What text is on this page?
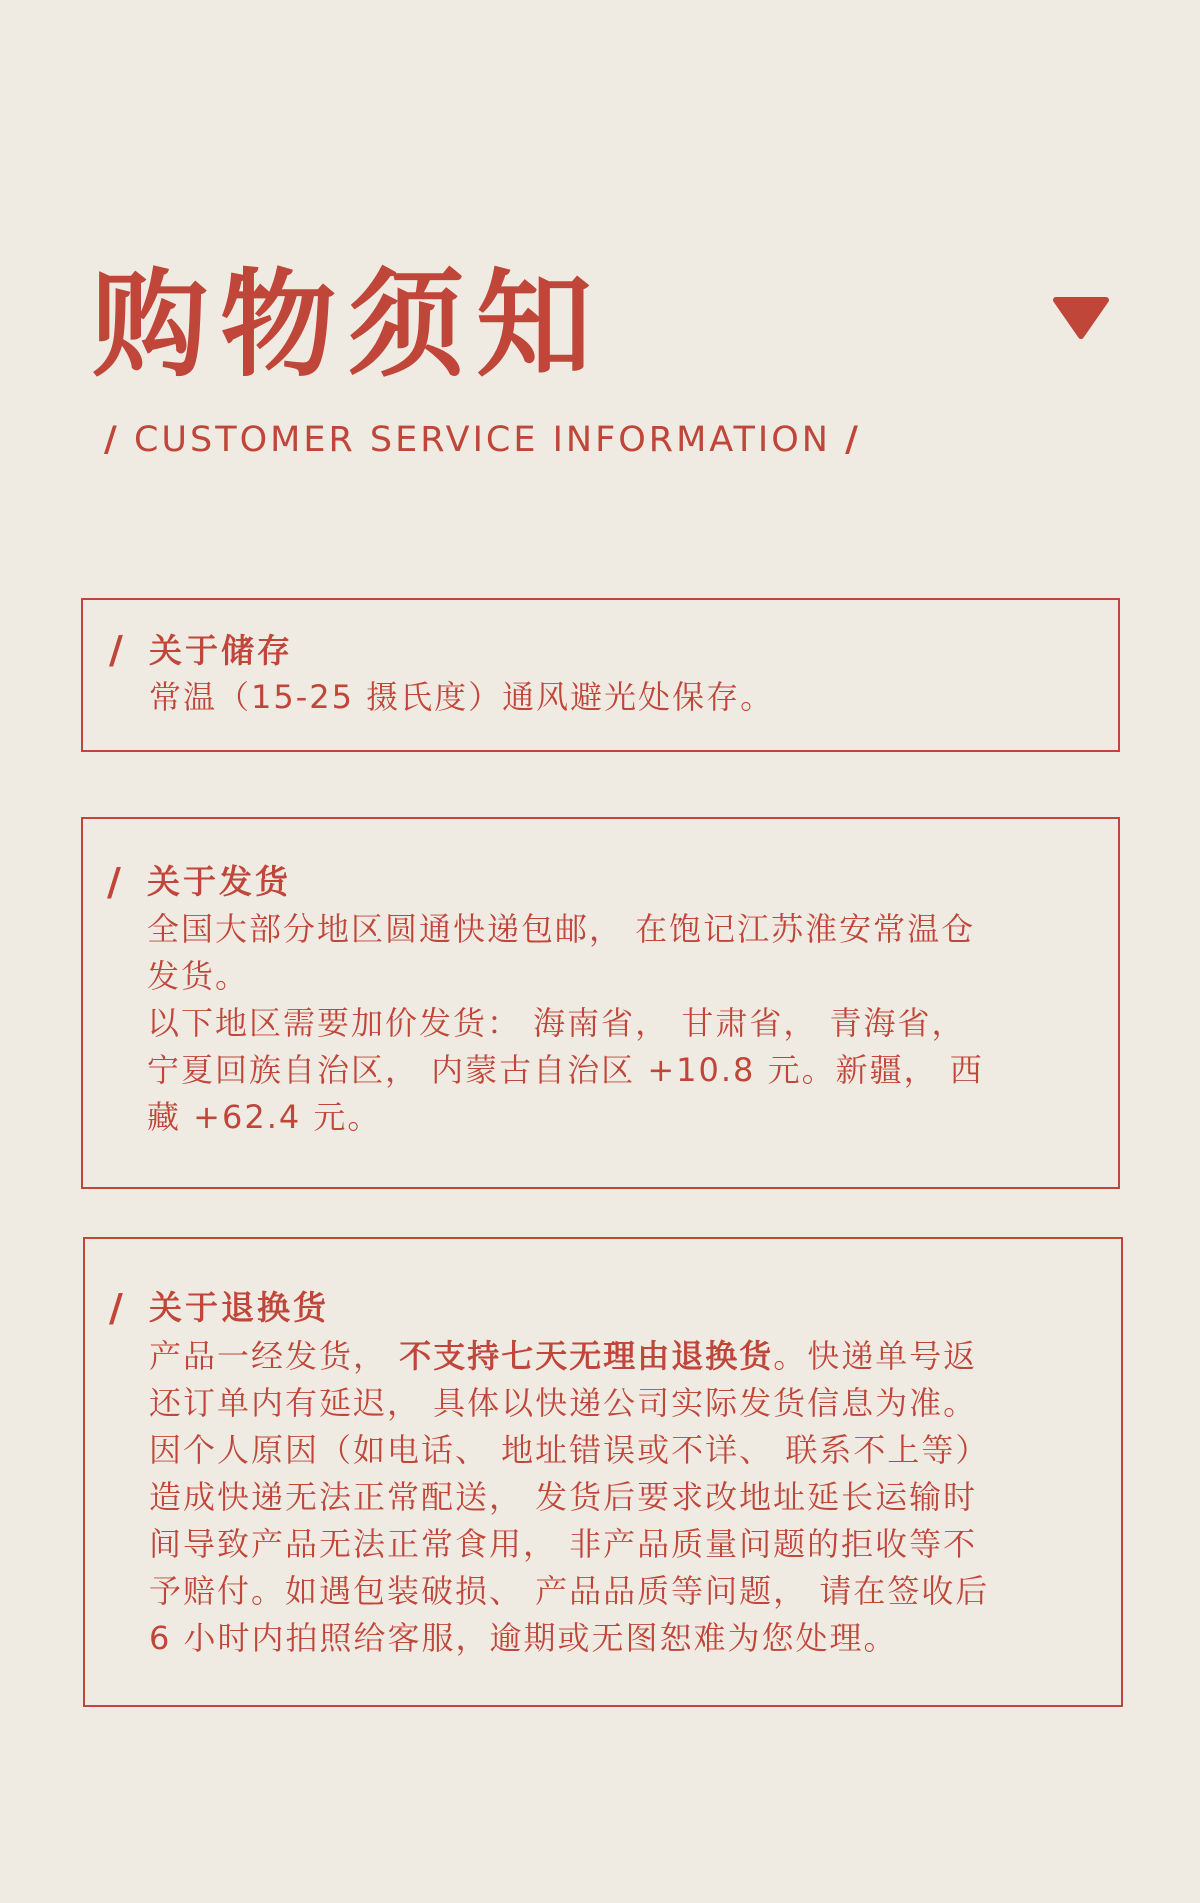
购物须知
/ CUSTOMER SERVICE INFORMATION /
/ 关于储存

常温（15-25 摄氏度）通风避光处保存。

/ 关于发货

全国大部分地区圆通快递包邮， 在饱记江苏淮安常温仓

发货。

以下地区需要加价发货： 海南省， 甘肃省， 青海省，

宁夏回族自治区， 内蒙古自治区 +10.8 元。新疆， 西

藏 +62.4 元。

/ 关于退换货

产品一经发货， 不支持七天无理由退换货。快递单号返

还订单内有延迟， 具体以快递公司实际发货信息为准。

因个人原因（如电话、 地址错误或不详、 联系不上等）

造成快递无法正常配送， 发货后要求改地址延长运输时

间导致产品无法正常食用， 非产品质量问题的拒收等不

予赔付。如遇包装破损、 产品品质等问题， 请在签收后

6 小时内拍照给客服，逾期或无图恕难为您处理。
